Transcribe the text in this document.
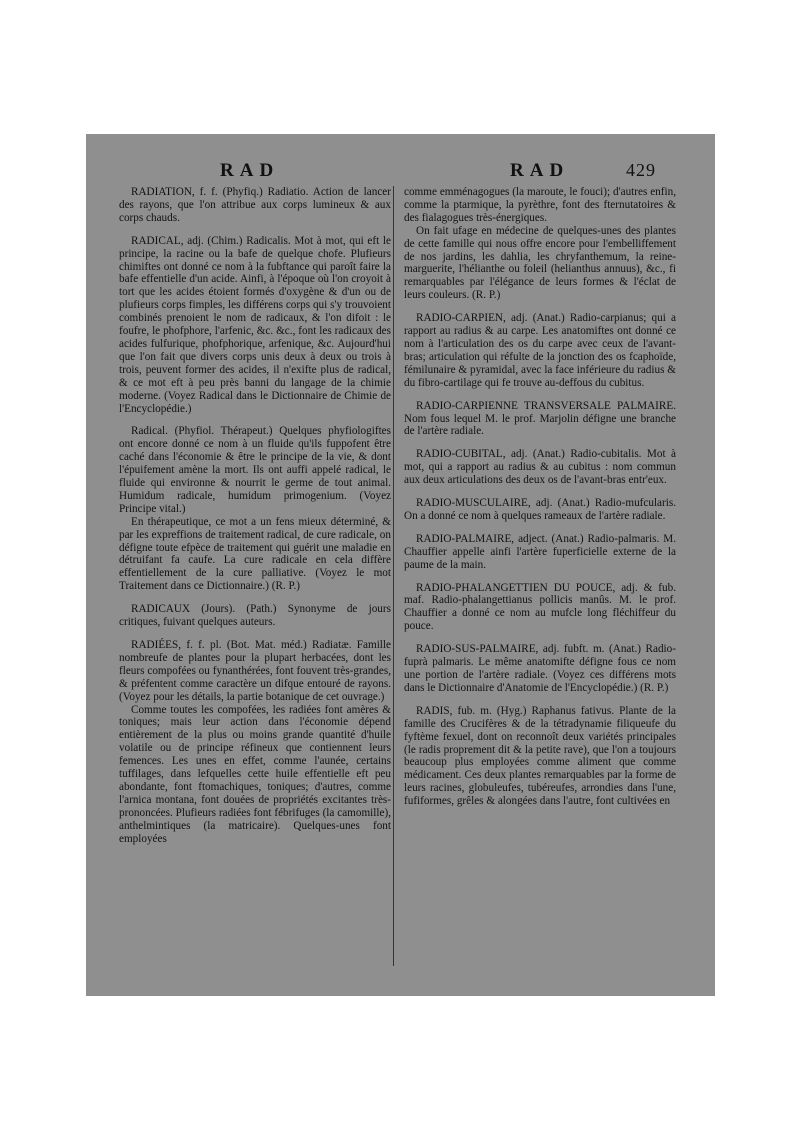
RAD	RAD	429

RADIATION, f. f. (Phyfiq.) Radiatio. Action de lancer des rayons, que l'on attribue aux corps lumineux & aux corps chauds.

RADICAL, adj. (Chim.) Radicalis. Mot à mot, qui eft le principe, la racine ou la bafe de quelque chofe. Plufieurs chimiftes ont donné ce nom à la fubftance qui paroît faire la bafe effentielle d'un acide. Ainfi, à l'époque où l'on croyoit à tort que les acides étoient formés d'oxygène & d'un ou de plufieurs corps fimples, les différens corps qui s'y trouvoient combinés prenoient le nom de radicaux, & l'on difoit : le foufre, le phofphore, l'arfenic, &c. &c., font les radicaux des acides fulfurique, phofphorique, arfenique, &c. Aujourd'hui que l'on fait que divers corps unis deux à deux ou trois à trois, peuvent former des acides, il n'exifte plus de radical, & ce mot eft à peu près banni du langage de la chimie moderne. (Voyez Radical dans le Dictionnaire de Chimie de l'Encyclopédie.)

Radical. (Phyfiol. Thérapeut.) Quelques phyfiologiftes ont encore donné ce nom à un fluide qu'ils fuppofent être caché dans l'économie & être le principe de la vie, & dont l'épuifement amène la mort. Ils ont auffi appelé radical, le fluide qui environne & nourrit le germe de tout animal. Humidum radicale, humidum primogenium. (Voyez Principe vital.)

En thérapeutique, ce mot a un fens mieux déterminé, & par les expreffions de traitement radical, de cure radicale, on défigne toute efpèce de traitement qui guérit une maladie en détruifant fa caufe. La cure radicale en cela diffère effentiellement de la cure palliative. (Voyez le mot Traitement dans ce Dictionnaire.) (R. P.)

RADICAUX (Jours). (Path.) Synonyme de jours critiques, fuivant quelques auteurs.

RADIÉES, f. f. pl. (Bot. Mat. méd.) Radiatæ. Famille nombreufe de plantes pour la plupart herbacées, dont les fleurs compofées ou fynanthérées, font fouvent très-grandes, & préfentent comme caractère un difque entouré de rayons. (Voyez pour les détails, la partie botanique de cet ouvrage.)

Comme toutes les compofées, les radiées font amères & toniques; mais leur action dans l'économie dépend entièrement de la plus ou moins grande quantité d'huile volatile ou de principe réfineux que contiennent leurs femences. Les unes en effet, comme l'aunée, certains tuffilages, dans lefquelles cette huile effentielle eft peu abondante, font ftomachiques, toniques; d'autres, comme l'arnica montana, font douées de propriétés excitantes très-prononcées. Plufieurs radiées font fébrifuges (la camomille), anthelmintiques (la matricaire). Quelques-unes font employées

comme emménagogues (la maroute, le fouci); d'autres enfin, comme la ptarmique, la pyrèthre, font des fternutatoires & des fialagogues très-énergiques.

On fait ufage en médecine de quelques-unes des plantes de cette famille qui nous offre encore pour l'embelliffement de nos jardins, les dahlia, les chryfanthemum, la reine-marguerite, l'hélianthe ou foleil (helianthus annuus), &c., fi remarquables par l'élégance de leurs formes & l'éclat de leurs couleurs. (R. P.)

RADIO-CARPIEN, adj. (Anat.) Radio-carpianus; qui a rapport au radius & au carpe. Les anatomiftes ont donné ce nom à l'articulation des os du carpe avec ceux de l'avant-bras; articulation qui réfulte de la jonction des os fcaphoïde, fémilunaire & pyramidal, avec la face inférieure du radius & du fibro-cartilage qui fe trouve au-deffous du cubitus.

RADIO-CARPIENNE TRANSVERSALE PALMAIRE. Nom fous lequel M. le prof. Marjolin défigne une branche de l'artère radiale.

RADIO-CUBITAL, adj. (Anat.) Radio-cubitalis. Mot à mot, qui a rapport au radius & au cubitus : nom commun aux deux articulations des deux os de l'avant-bras entr'eux.

RADIO-MUSCULAIRE, adj. (Anat.) Radio-mufcularis. On a donné ce nom à quelques rameaux de l'artère radiale.

RADIO-PALMAIRE, adject. (Anat.) Radio-palmaris. M. Chauffier appelle ainfi l'artère fuperficielle externe de la paume de la main.

RADIO-PHALANGETTIEN DU POUCE, adj. & fub. maf. Radio-phalangettianus pollicis manûs. M. le prof. Chauffier a donné ce nom au mufcle long fléchiffeur du pouce.

RADIO-SUS-PALMAIRE, adj. fubft. m. (Anat.) Radio-fuprà palmaris. Le même anatomifte défigne fous ce nom une portion de l'artère radiale. (Voyez ces différens mots dans le Dictionnaire d'Anatomie de l'Encyclopédie.) (R. P.)

RADIS, fub. m. (Hyg.) Raphanus fativus. Plante de la famille des Crucifères & de la tétradynamie filiqueufe du fyftème fexuel, dont on reconnoît deux variétés principales (le radis proprement dit & la petite rave), que l'on a toujours beaucoup plus employées comme aliment que comme médicament. Ces deux plantes remarquables par la forme de leurs racines, globuleufes, tubéreufes, arrondies dans l'une, fufiformes, grêles & alongées dans l'autre, font cultivées en
